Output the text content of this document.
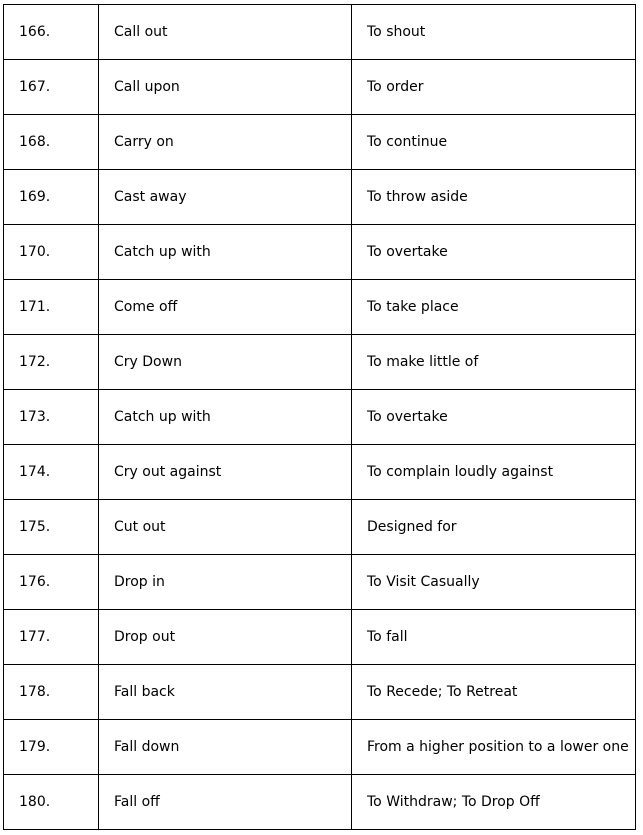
166.	Call out	To shout
167.	Call upon	To order
168.	Carry on	To continue
169.	Cast away	To throw aside
170.	Catch up with	To overtake
171.	Come off	To take place
172.	Cry Down	To make little of
173.	Catch up with	To overtake
174.	Cry out against	To complain loudly against
175.	Cut out	Designed for
176.	Drop in	To Visit Casually
177.	Drop out	To fall
178.	Fall back	To Recede; To Retreat
179.	Fall down	From a higher position to a lower one
180.	Fall off	To Withdraw; To Drop Off
